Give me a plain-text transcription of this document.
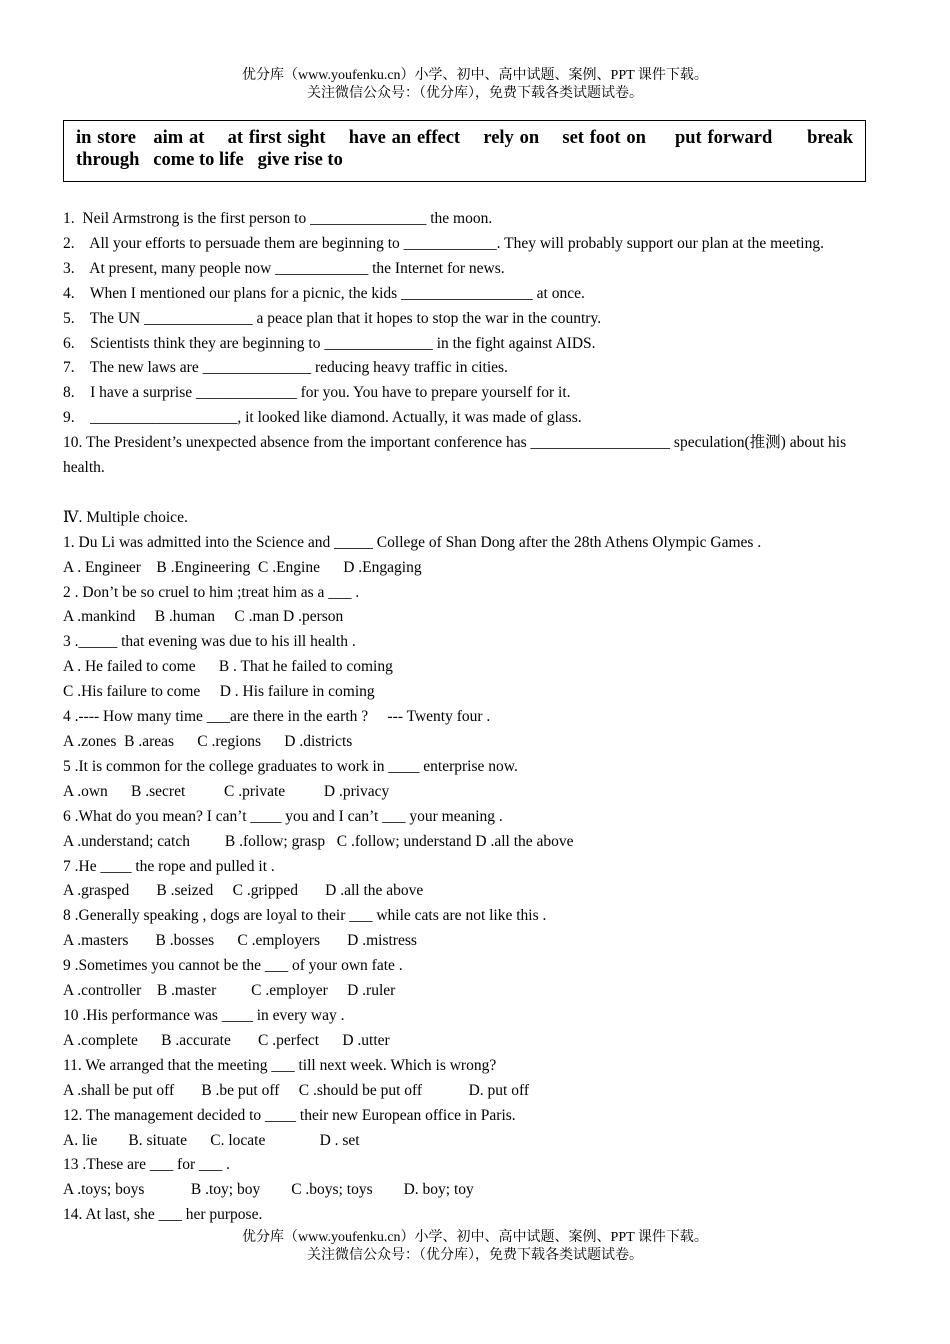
优分库（www.youfenku.cn）小学、初中、高中试题、案例、PPT 课件下载。
关注微信公众号：（优分库），免费下载各类试题试卷。
in store aim at at first sight have an effect rely on set foot on put forward break through come to life give rise to
1.  Neil Armstrong is the first person to _______________ the moon.
2.    All your efforts to persuade them are beginning to ____________. They will probably support our plan at the meeting.
3.    At present, many people now ____________ the Internet for news.
4.    When I mentioned our plans for a picnic, the kids _________________ at once.
5.    The UN ______________ a peace plan that it hopes to stop the war in the country.
6.    Scientists think they are beginning to ______________ in the fight against AIDS.
7.    The new laws are ______________ reducing heavy traffic in cities.
8.    I have a surprise _____________ for you. You have to prepare yourself for it.
9.    ___________________, it looked like diamond. Actually, it was made of glass.
10. The President’s unexpected absence from the important conference has __________________ speculation(推测) about his health.
Ⅳ. Multiple choice.
1. Du Li was admitted into the Science and _____ College of Shan Dong after the 28th Athens Olympic Games .
A . Engineer    B .Engineering  C .Engine      D .Engaging
2 . Don’t be so cruel to him ;treat him as a ___ .
A .mankind     B .human     C .man D .person
3 ._____ that evening was due to his ill health .
A . He failed to come      B . That he failed to coming
C .His failure to come     D . His failure in coming
4 .---- How many time ___are there in the earth ?     --- Twenty four .
A .zones  B .areas      C .regions      D .districts
5 .It is common for the college graduates to work in ____ enterprise now.
A .own      B .secret          C .private          D .privacy
6 .What do you mean? I can’t ____ you and I can’t ___ your meaning .
A .understand; catch         B .follow; grasp   C .follow; understand D .all the above
7 .He ____ the rope and pulled it .
A .grasped       B .seized     C .gripped       D .all the above
8 .Generally speaking , dogs are loyal to their ___ while cats are not like this .
A .masters       B .bosses      C .employers       D .mistress
9 .Sometimes you cannot be the ___ of your own fate .
A .controller    B .master         C .employer     D .ruler
10 .His performance was ____ in every way .
A .complete      B .accurate       C .perfect      D .utter
11. We arranged that the meeting ___ till next week. Which is wrong?
A .shall be put off       B .be put off     C .should be put off            D. put off
12. The management decided to ____ their new European office in Paris.
A. lie        B. situate      C. locate              D . set
13 .These are ___ for ___ .
A .toys; boys            B .toy; boy        C .boys; toys        D. boy; toy
14. At last, she ___ her purpose.
优分库（www.youfenku.cn）小学、初中、高中试题、案例、PPT 课件下载。
关注微信公众号：（优分库），免费下载各类试题试卷。
